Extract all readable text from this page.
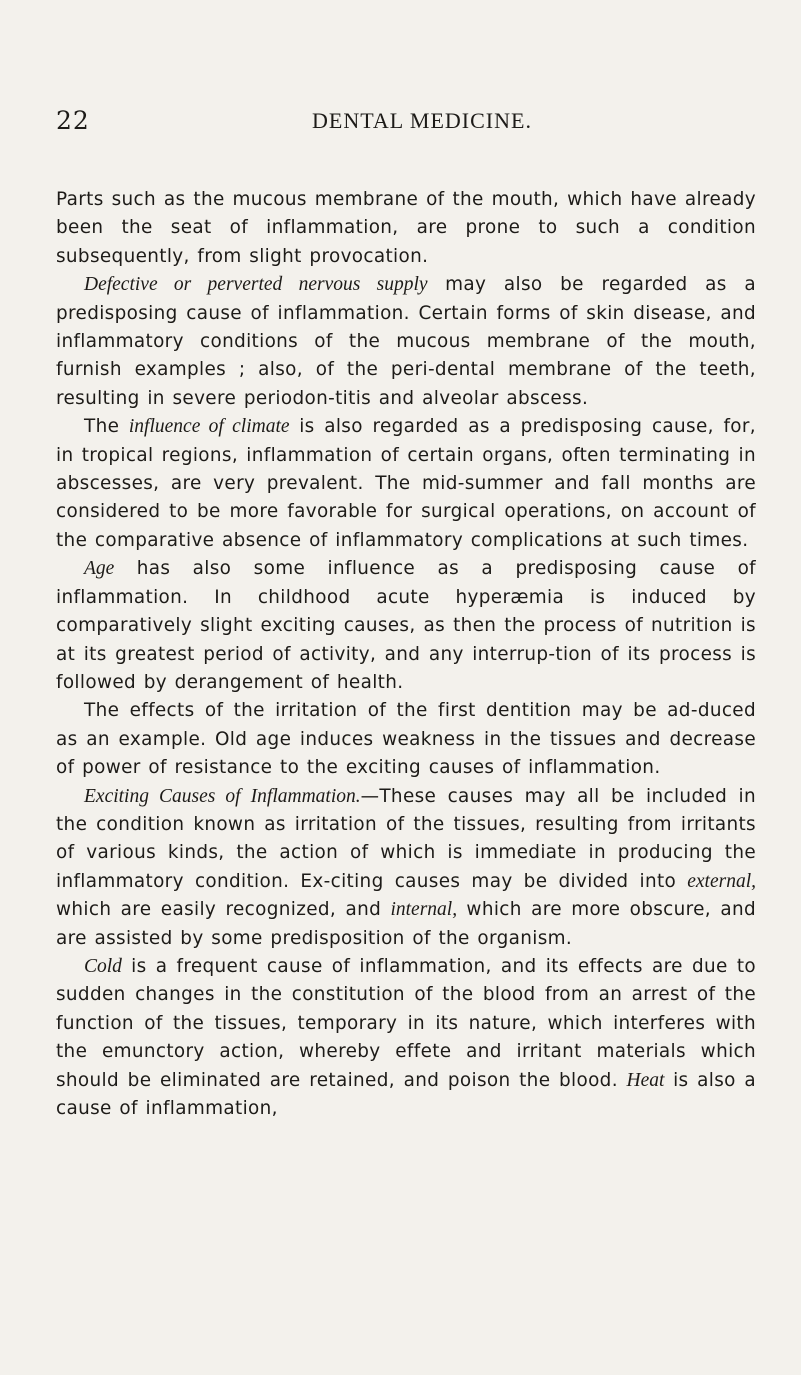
22	DENTAL MEDICINE.

Parts such as the mucous membrane of the mouth, which have already been the seat of inflammation, are prone to such a condition subsequently, from slight provocation.

Defective or perverted nervous supply may also be regarded as a predisposing cause of inflammation. Certain forms of skin disease, and inflammatory conditions of the mucous membrane of the mouth, furnish examples ; also, of the peri-dental membrane of the teeth, resulting in severe periodon-titis and alveolar abscess.

The influence of climate is also regarded as a predisposing cause, for, in tropical regions, inflammation of certain organs, often terminating in abscesses, are very prevalent. The mid-summer and fall months are considered to be more favorable for surgical operations, on account of the comparative absence of inflammatory complications at such times.

Age has also some influence as a predisposing cause of inflammation. In childhood acute hyperæmia is induced by comparatively slight exciting causes, as then the process of nutrition is at its greatest period of activity, and any interrup-tion of its process is followed by derangement of health.

The effects of the irritation of the first dentition may be ad-duced as an example. Old age induces weakness in the tissues and decrease of power of resistance to the exciting causes of inflammation.

Exciting Causes of Inflammation.—These causes may all be included in the condition known as irritation of the tissues, resulting from irritants of various kinds, the action of which is immediate in producing the inflammatory condition. Ex-citing causes may be divided into external, which are easily recognized, and internal, which are more obscure, and are assisted by some predisposition of the organism.

Cold is a frequent cause of inflammation, and its effects are due to sudden changes in the constitution of the blood from an arrest of the function of the tissues, temporary in its nature, which interferes with the emunctory action, whereby effete and irritant materials which should be eliminated are retained, and poison the blood. Heat is also a cause of inflammation,
